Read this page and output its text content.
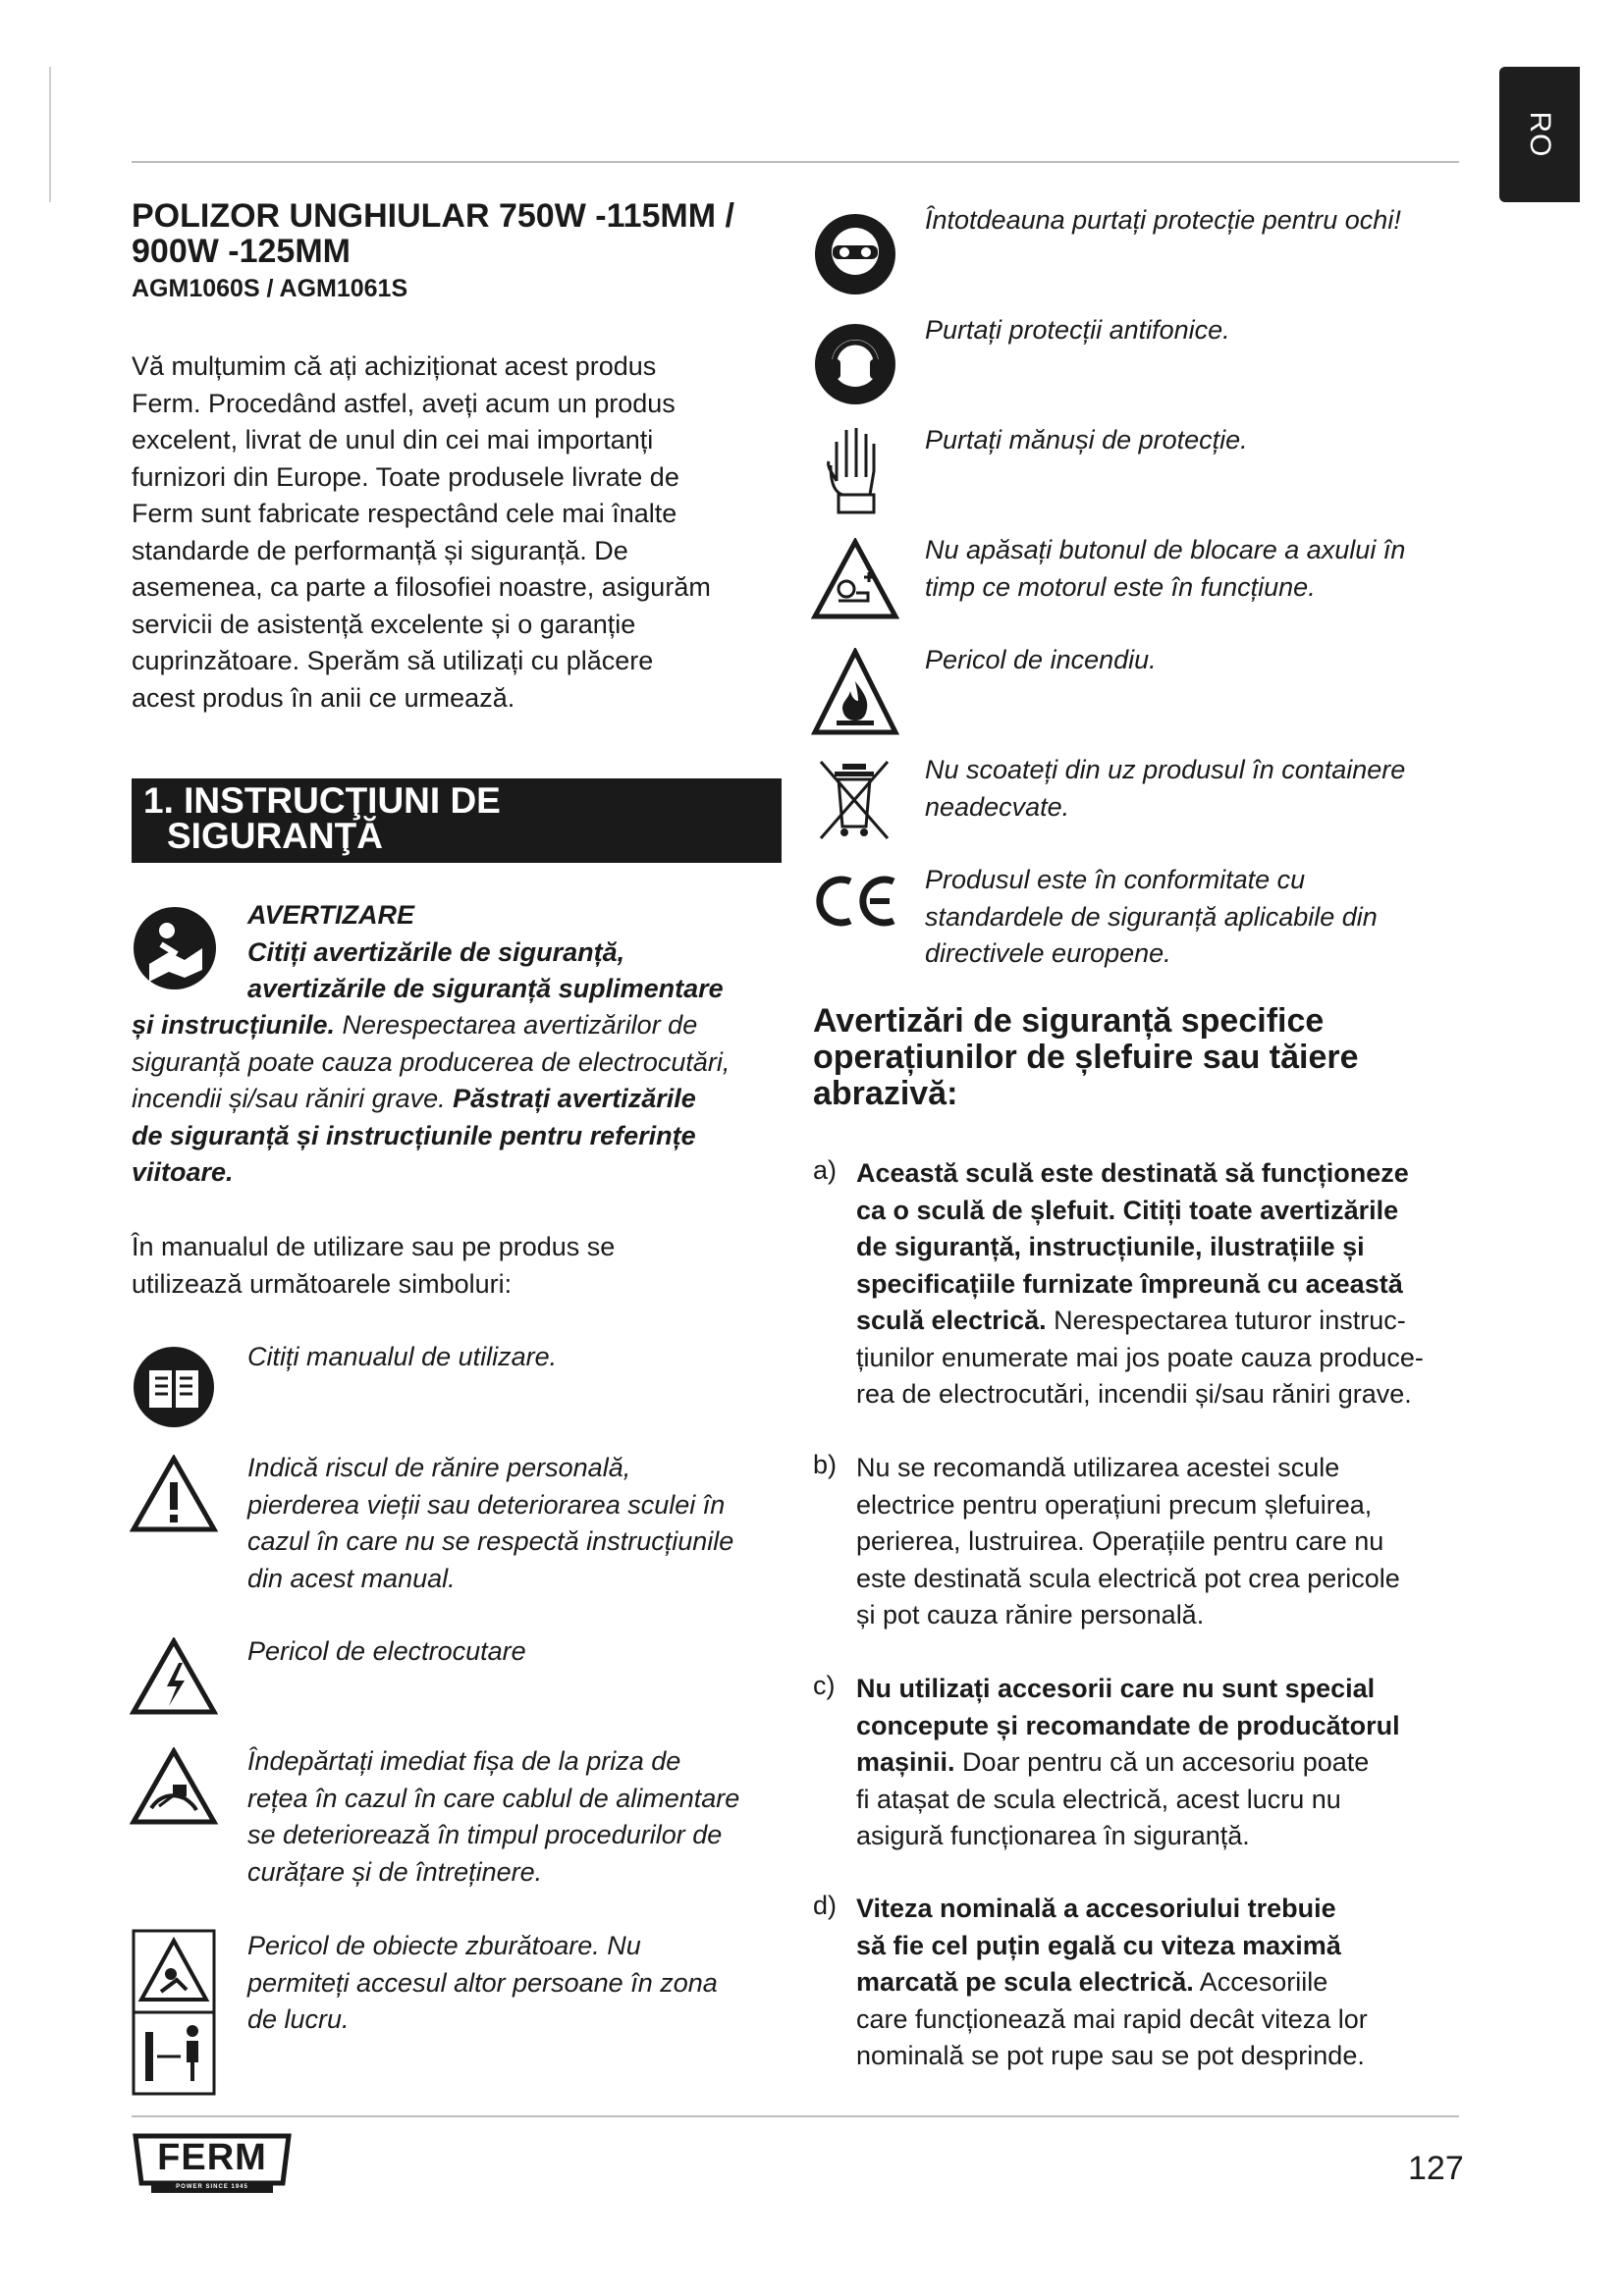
RO
POLIZOR UNGHIULAR 750W -115MM / 900W -125MM
AGM1060S / AGM1061S
Vă mulțumim că ați achiziționat acest produs
Ferm. Procedând astfel, aveți acum un produs
excelent, livrat de unul din cei mai importanți
furnizori din Europe. Toate produsele livrate de
Ferm sunt fabricate respectând cele mai înalte
standarde de performanță și siguranță. De
asemenea, ca parte a filosofiei noastre, asigurăm
servicii de asistență excelente și o garanție
cuprinzătoare. Sperăm să utilizați cu plăcere
acest produs în anii ce urmează.
1. INSTRUCŢIUNI DE
SIGURANŢĂ
AVERTIZARE
Citiți avertizările de siguranță,
avertizările de siguranță suplimentare
și instrucțiunile. Nerespectarea avertizărilor de
siguranță poate cauza producerea de electrocutări,
incendii și/sau răniri grave. Păstrați avertizările
de siguranță și instrucțiunile pentru referințe
viitoare.
În manualul de utilizare sau pe produs se
utilizează următoarele simboluri:
Citiți manualul de utilizare.
Indică riscul de rănire personală,
pierderea vieții sau deteriorarea sculei în
cazul în care nu se respectă instrucțiunile
din acest manual.
Pericol de electrocutare
Îndepărtați imediat fișa de la priza de
rețea în cazul în care cablul de alimentare
se deteriorează în timpul procedurilor de
curățare și de întreținere.
Pericol de obiecte zburătoare. Nu
permiteți accesul altor persoane în zona
de lucru.
Întotdeauna purtați protecție pentru ochi!
Purtați protecții antifonice.
Purtați mănuși de protecție.
Nu apăsați butonul de blocare a axului în
timp ce motorul este în funcțiune.
Pericol de incendiu.
Nu scoateți din uz produsul în containere
neadecvate.
Produsul este în conformitate cu
standardele de siguranță aplicabile din
directivele europene.
Avertizări de siguranță specifice
operațiunilor de șlefuire sau tăiere
abrazivă:
a) Această sculă este destinată să funcționeze
ca o sculă de șlefuit. Citiți toate avertizările
de siguranță, instrucțiunile, ilustrațiile și
specificațiile furnizate împreună cu această
sculă electrică. Nerespectarea tuturor instruc-
țiunilor enumerate mai jos poate cauza produce-
rea de electrocutări, incendii și/sau răniri grave.
b) Nu se recomandă utilizarea acestei scule
electrice pentru operațiuni precum șlefuirea,
perierea, lustruirea. Operațiile pentru care nu
este destinată scula electrică pot crea pericole
și pot cauza rănire personală.
c) Nu utilizați accesorii care nu sunt special
concepute și recomandate de producătorul
mașinii. Doar pentru că un accesoriu poate
fi atașat de scula electrică, acest lucru nu
asigură funcționarea în siguranță.
d) Viteza nominală a accesoriului trebuie
să fie cel puțin egală cu viteza maximă
marcată pe scula electrică. Accesoriile
care funcționează mai rapid decât viteza lor
nominală se pot rupe sau se pot desprinde.
FERM
POWER SINCE 1945	127
